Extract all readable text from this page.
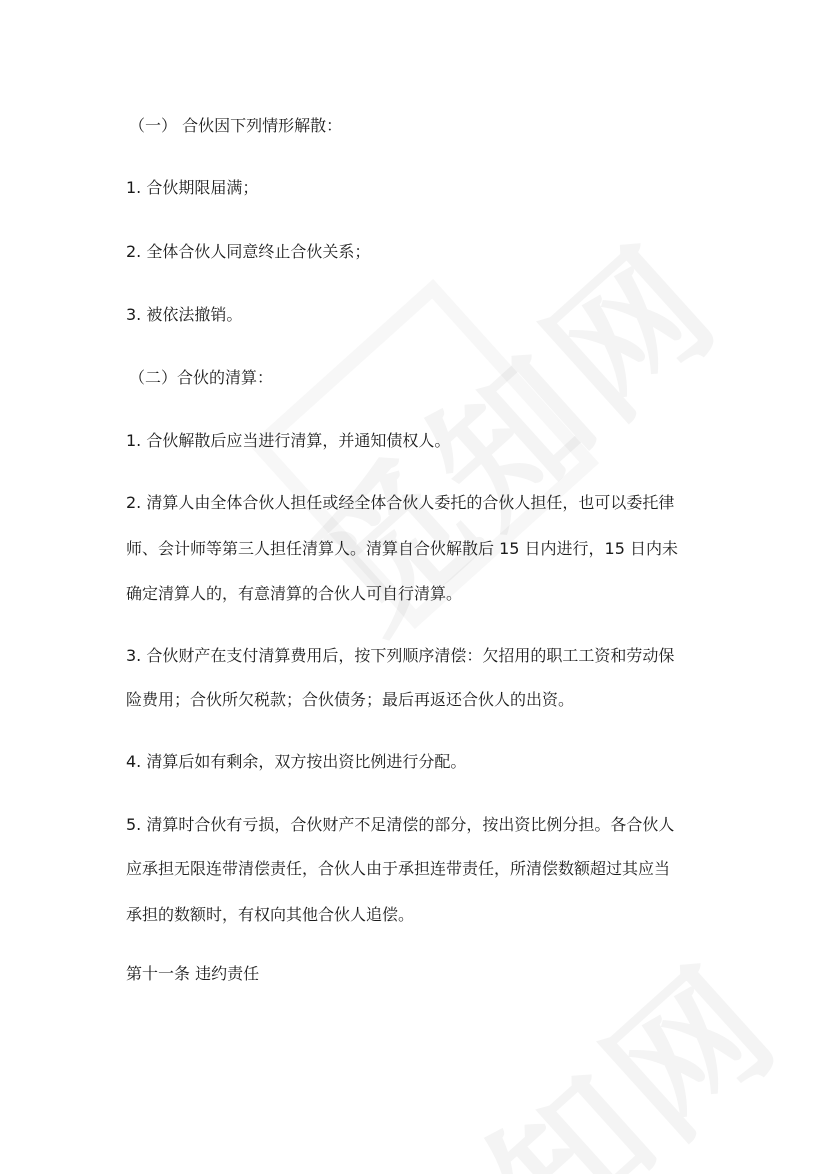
（一） 合伙因下列情形解散：

1. 合伙期限届满；

2. 全体合伙人同意终止合伙关系；

3. 被依法撤销。

（二）合伙的清算：

1. 合伙解散后应当进行清算，并通知债权人。

2. 清算人由全体合伙人担任或经全体合伙人委托的合伙人担任，也可以委托律

师、会计师等第三人担任清算人。清算自合伙解散后 15 日内进行，15 日内未

确定清算人的，有意清算的合伙人可自行清算。

3. 合伙财产在支付清算费用后，按下列顺序清偿：欠招用的职工工资和劳动保

险费用；合伙所欠税款；合伙债务；最后再返还合伙人的出资。

4. 清算后如有剩余，双方按出资比例进行分配。

5. 清算时合伙有亏损，合伙财产不足清偿的部分，按出资比例分担。各合伙人

应承担无限连带清偿责任，合伙人由于承担连带责任，所清偿数额超过其应当

承担的数额时，有权向其他合伙人追偿。

第十一条 违约责任
